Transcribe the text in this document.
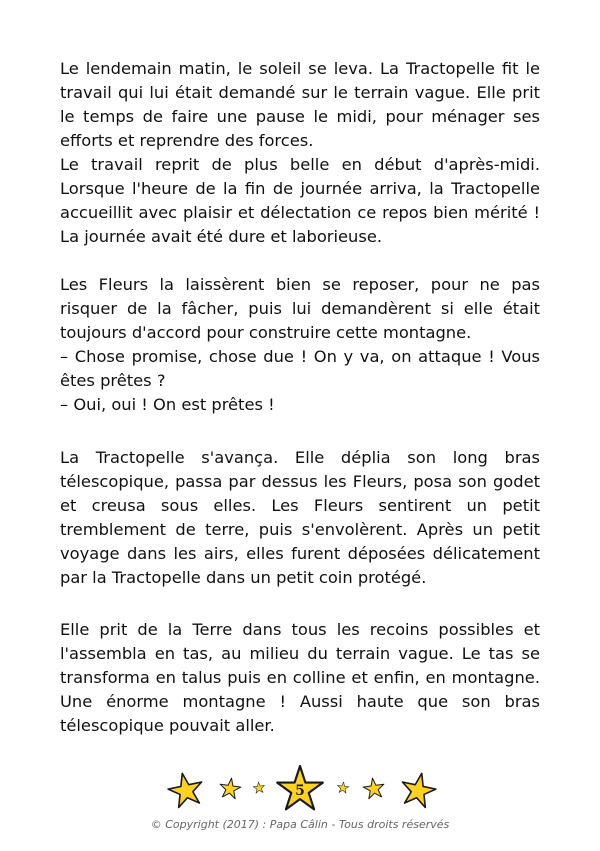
Le lendemain matin, le soleil se leva. La Tractopelle fit le travail qui lui était demandé sur le terrain vague. Elle prit le temps de faire une pause le midi, pour ménager ses efforts et reprendre des forces.

Le travail reprit de plus belle en début d'après-midi. Lorsque l'heure de la fin de journée arriva, la Tractopelle accueillit avec plaisir et délectation ce repos bien mérité ! La journée avait été dure et laborieuse.

Les Fleurs la laissèrent bien se reposer, pour ne pas risquer de la fâcher, puis lui demandèrent si elle était toujours d'accord pour construire cette montagne.

– Chose promise, chose due ! On y va, on attaque ! Vous êtes prêtes ?

– Oui, oui ! On est prêtes !

La Tractopelle s'avança. Elle déplia son long bras télescopique, passa par dessus les Fleurs, posa son godet et creusa sous elles. Les Fleurs sentirent un petit tremblement de terre, puis s'envolèrent. Après un petit voyage dans les airs, elles furent déposées délicatement par la Tractopelle dans un petit coin protégé.

Elle prit de la Terre dans tous les recoins possibles et l'assembla en tas, au milieu du terrain vague. Le tas se transforma en talus puis en colline et enfin, en montagne. Une énorme montagne ! Aussi haute que son bras télescopique pouvait aller.

5
© Copyright (2017) : Papa Câlin - Tous droits réservés
